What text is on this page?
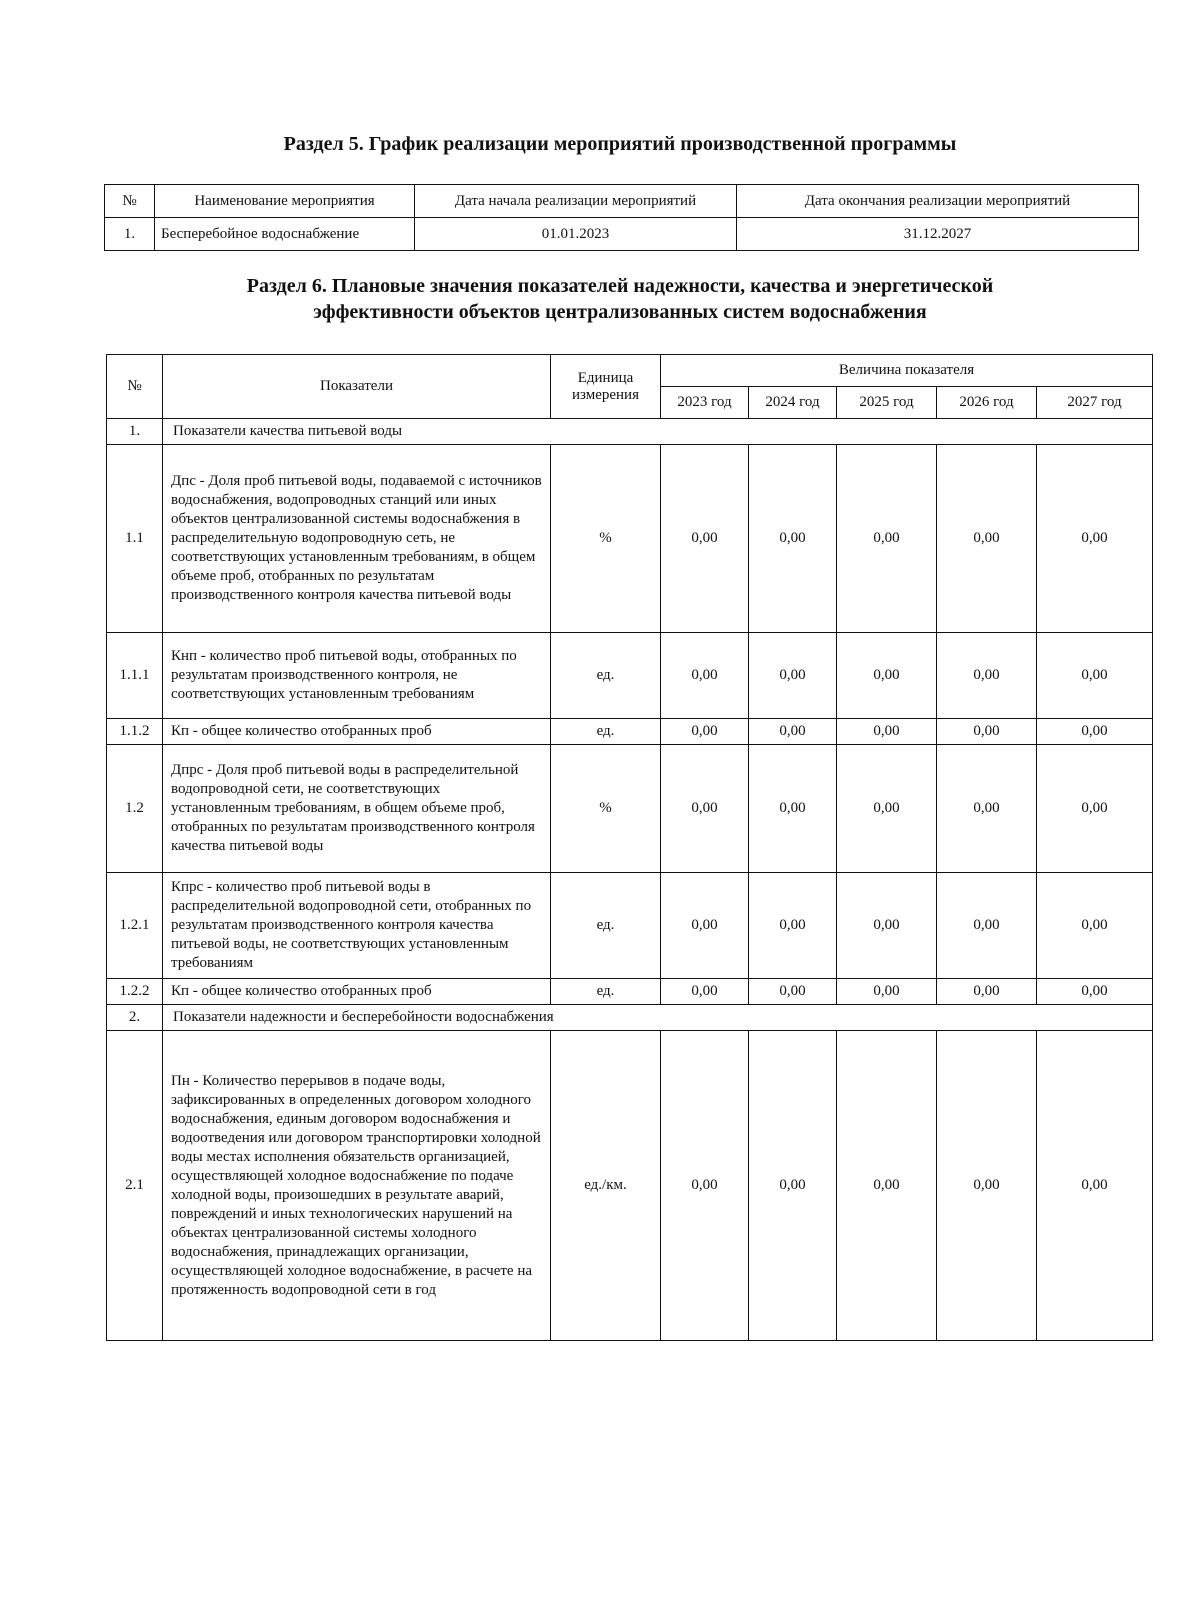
Раздел 5. График реализации мероприятий производственной программы
№	Наименование мероприятия	Дата начала реализации мероприятий	Дата окончания реализации мероприятий
1.	Бесперебойное водоснабжение	01.01.2023	31.12.2027
Раздел 6. Плановые значения показателей надежности, качества и энергетической
эффективности объектов централизованных систем водоснабжения
№	Показатели	Единица измерения	Величина показателя				
			2023 год	2024 год	2025 год	2026 год	2027 год
1.	Показатели качества питьевой воды						
1.1	Дпс - Доля проб питьевой воды, подаваемой с источников водоснабжения, водопроводных станций или иных объектов централизованной системы водоснабжения в распределительную водопроводную сеть, не соответствующих установленным требованиям, в общем объеме проб, отобранных по результатам производственного контроля качества питьевой воды	%	0,00	0,00	0,00	0,00	0,00
1.1.1	Кнп - количество проб питьевой воды, отобранных по результатам производственного контроля, не соответствующих установленным требованиям	ед.	0,00	0,00	0,00	0,00	0,00
1.1.2	Кп - общее количество отобранных проб	ед.	0,00	0,00	0,00	0,00	0,00
1.2	Дпрс - Доля проб питьевой воды в распределительной водопроводной сети, не соответствующих установленным требованиям, в общем объеме проб, отобранных по результатам производственного контроля качества питьевой воды	%	0,00	0,00	0,00	0,00	0,00
1.2.1	Кпрс - количество проб питьевой воды в распределительной водопроводной сети, отобранных по результатам производственного контроля качества питьевой воды, не соответствующих установленным требованиям	ед.	0,00	0,00	0,00	0,00	0,00
1.2.2	Кп - общее количество отобранных проб	ед.	0,00	0,00	0,00	0,00	0,00
2.	Показатели надежности и бесперебойности водоснабжения						
2.1	Пн - Количество перерывов в подаче воды, зафиксированных в определенных договором холодного водоснабжения, единым договором водоснабжения и водоотведения или договором транспортировки холодной воды местах исполнения обязательств организацией, осуществляющей холодное водоснабжение по подаче холодной воды, произошедших в результате аварий, повреждений и иных технологических нарушений на объектах централизованной системы холодного водоснабжения, принадлежащих организации, осуществляющей холодное водоснабжение, в расчете на протяженность водопроводной сети в год	ед./км.	0,00	0,00	0,00	0,00	0,00
